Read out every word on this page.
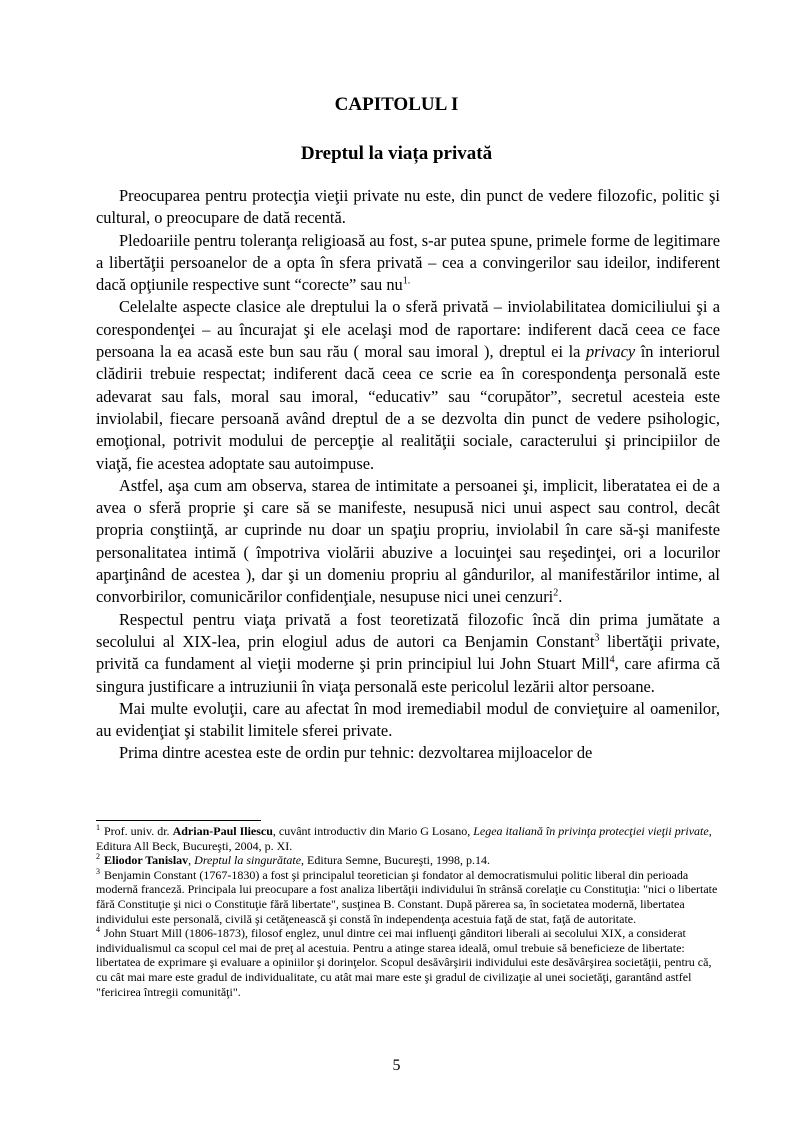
CAPITOLUL I
Dreptul la viața privată

Preocuparea pentru protecţia vieţii private nu este, din punct de vedere filozofic, politic şi cultural, o preocupare de dată recentă.

Pledoariile pentru toleranţa religioasă au fost, s-ar putea spune, primele forme de legitimare a libertăţii persoanelor de a opta în sfera privată – cea a convingerilor sau ideilor, indiferent dacă opţiunile respective sunt “corecte” sau $nu^{1.}$

Celelalte aspecte clasice ale dreptului la o sferă privată – inviolabilitatea domiciliului şi a corespondenţei – au încurajat şi ele acelaşi mod de raportare: indiferent dacă ceea ce face persoana la ea acasă este bun sau rău ( moral sau imoral ), dreptul ei la privacy în interiorul clădirii trebuie respectat; indiferent dacă ceea ce scrie ea în corespondenţa personală este adevarat sau fals, moral sau imoral, “educativ” sau “corupător”, secretul acesteia este inviolabil, fiecare persoană având dreptul de a se dezvolta din punct de vedere psihologic, emoţional, potrivit modului de percepţie al realităţii sociale, caracterului şi principiilor de viaţă, fie acestea adoptate sau autoimpuse.

Astfel, aşa cum am observa, starea de intimitate a persoanei şi, implicit, liberatatea ei de a avea o sferă proprie şi care să se manifeste, nesupusă nici unui aspect sau control, decât propria conştiinţă, ar cuprinde nu doar un spaţiu propriu, inviolabil în care să-şi manifeste personalitatea intimă ( împotriva violării abuzive a locuinţei sau reşedinţei, ori a locurilor aparţinând de acestea ), dar şi un domeniu propriu al gândurilor, al manifestărilor intime, al convorbirilor, comunicărilor confidenţiale, nesupuse nici unei cenzuri$^2$.

Respectul pentru viaţa privată a fost teoretizată filozofic încă din prima jumătate a secolului al XIX-lea, prin elogiul adus de autori ca Benjamin Constant$^3$ libertăţii private, privită ca fundament al vieţii moderne şi prin principiul lui John Stuart Mill$^4$, care afirma că singura justificare a intruziunii în viaţa personală este pericolul lezării altor persoane.

Mai multe evoluţii, care au afectat în mod iremediabil modul de convieţuire al oamenilor, au evidenţiat şi stabilit limitele sferei private.

Prima dintre acestea este de ordin pur tehnic: dezvoltarea mijloacelor de

$^1$ Prof. univ. dr. Adrian-Paul Iliescu, cuvânt introductiv din Mario G Losano, Legea italiană în privinţa protecţiei vieţii private, Editura All Beck, Bucureşti, 2004, p. XI.

$^2$ Eliodor Tanislav, Dreptul la singurătate, Editura Semne, Bucureşti, 1998, p.14.

$^3$ Benjamin Constant (1767-1830) a fost şi principalul teoretician şi fondator al democratismului politic liberal din perioada modernă franceză. Principala lui preocupare a fost analiza libertăţii individului în strânsă corelaţie cu Constituţia: "nici o libertate fără Constituţie şi nici o Constituţie fără libertate", susţinea B. Constant. După părerea sa, în societatea modernă, libertatea individului este personală, civilă şi cetăţenească şi constă în independenţa acestuia faţă de stat, faţă de autoritate.

$^4$ John Stuart Mill (1806-1873), filosof englez, unul dintre cei mai influenţi gânditori liberali ai secolului XIX, a considerat individualismul ca scopul cel mai de preţ al acestuia. Pentru a atinge starea ideală, omul trebuie să beneficieze de libertate: libertatea de exprimare şi evaluare a opiniilor şi dorinţelor. Scopul desăvârşirii individului este desăvârşirea societăţii, pentru că, cu cât mai mare este gradul de individualitate, cu atât mai mare este şi gradul de civilizaţie al unei societăţi, garantând astfel "fericirea întregii comunităţi".

5
